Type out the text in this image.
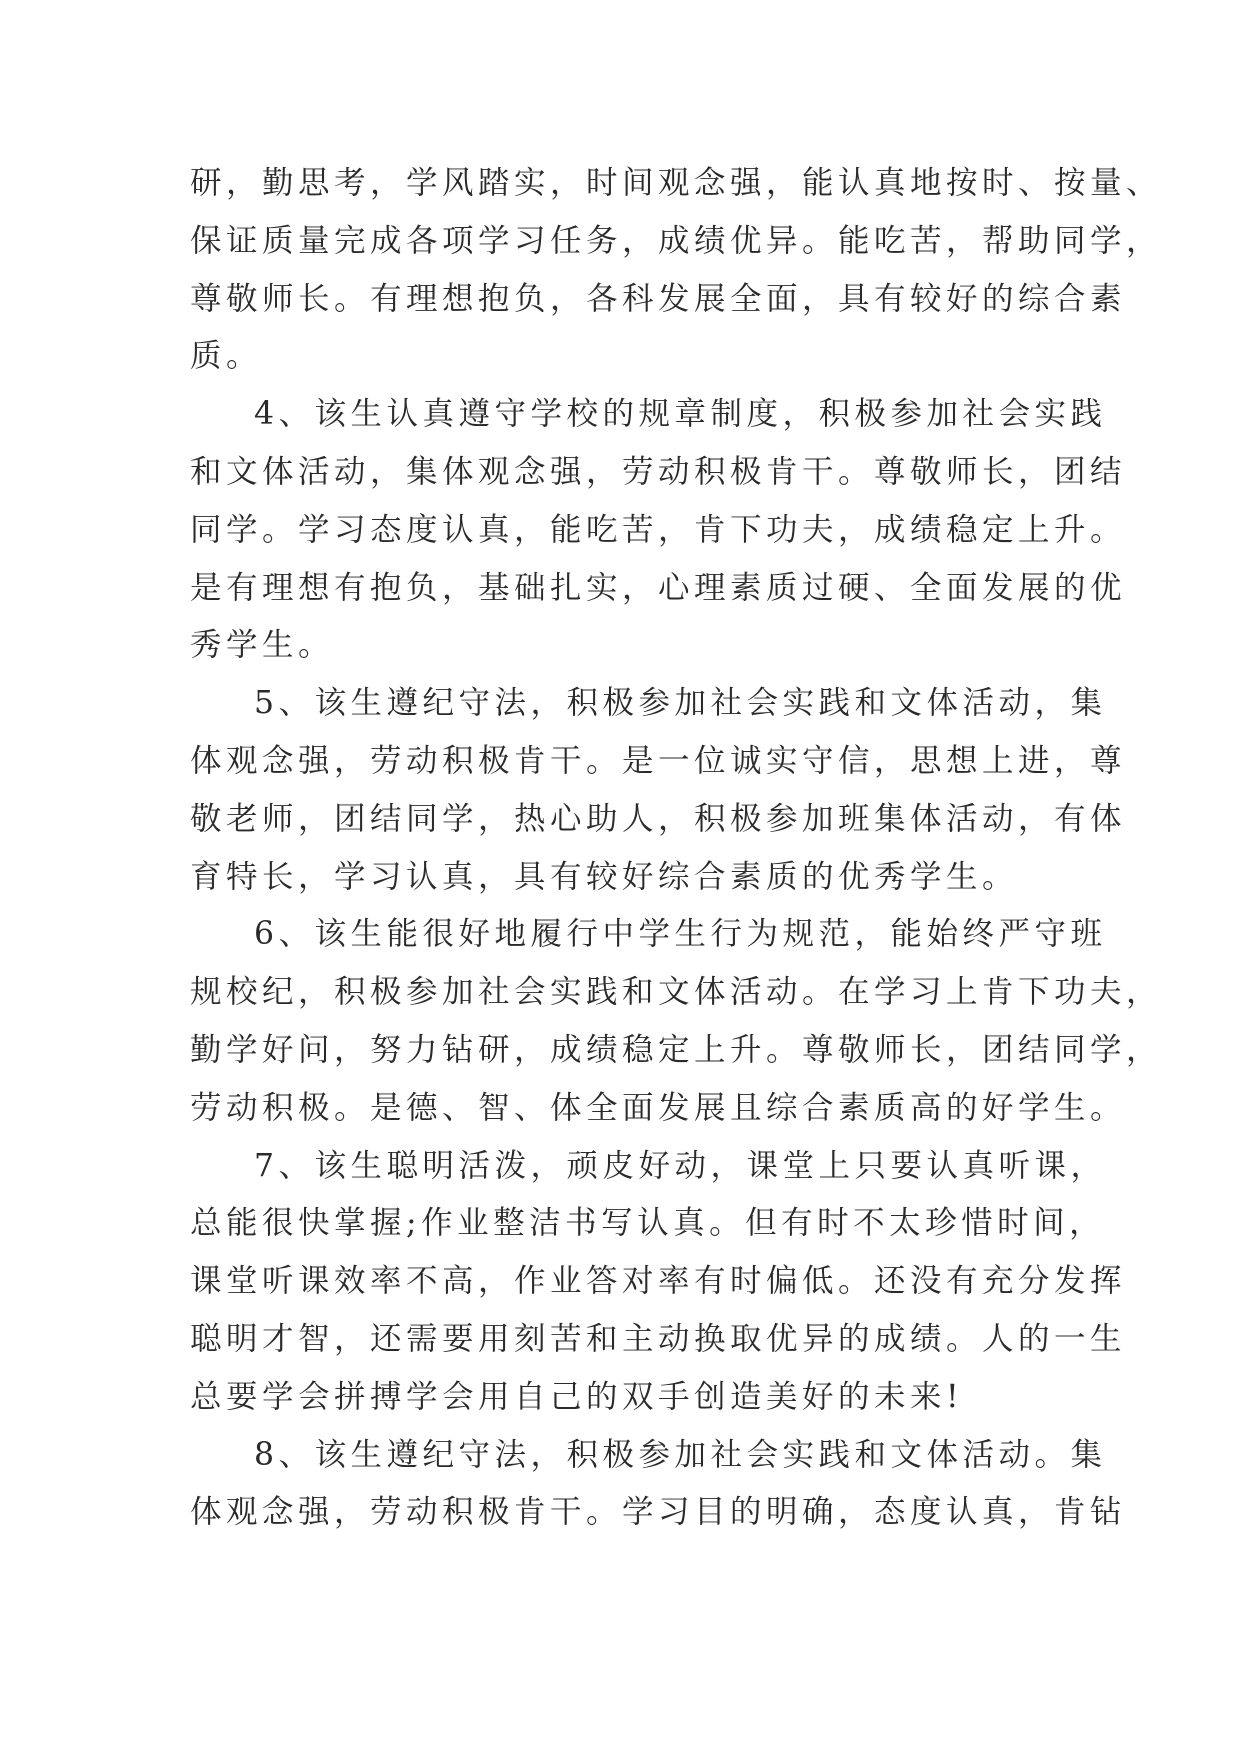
研，勤思考，学风踏实，时间观念强，能认真地按时、按量、
保证质量完成各项学习任务，成绩优异。能吃苦，帮助同学，
尊敬师长。有理想抱负，各科发展全面，具有较好的综合素
质。

4、该生认真遵守学校的规章制度，积极参加社会实践
和文体活动，集体观念强，劳动积极肯干。尊敬师长，团结
同学。学习态度认真，能吃苦，肯下功夫，成绩稳定上升。
是有理想有抱负，基础扎实，心理素质过硬、全面发展的优
秀学生。

5、该生遵纪守法，积极参加社会实践和文体活动，集
体观念强，劳动积极肯干。是一位诚实守信，思想上进，尊
敬老师，团结同学，热心助人，积极参加班集体活动，有体
育特长，学习认真，具有较好综合素质的优秀学生。

6、该生能很好地履行中学生行为规范，能始终严守班
规校纪，积极参加社会实践和文体活动。在学习上肯下功夫，
勤学好问，努力钻研，成绩稳定上升。尊敬师长，团结同学，
劳动积极。是德、智、体全面发展且综合素质高的好学生。

7、该生聪明活泼，顽皮好动，课堂上只要认真听课，
总能很快掌握;作业整洁书写认真。但有时不太珍惜时间，
课堂听课效率不高，作业答对率有时偏低。还没有充分发挥
聪明才智，还需要用刻苦和主动换取优异的成绩。人的一生
总要学会拼搏学会用自己的双手创造美好的未来!

8、该生遵纪守法，积极参加社会实践和文体活动。集
体观念强，劳动积极肯干。学习目的明确，态度认真，肯钻
